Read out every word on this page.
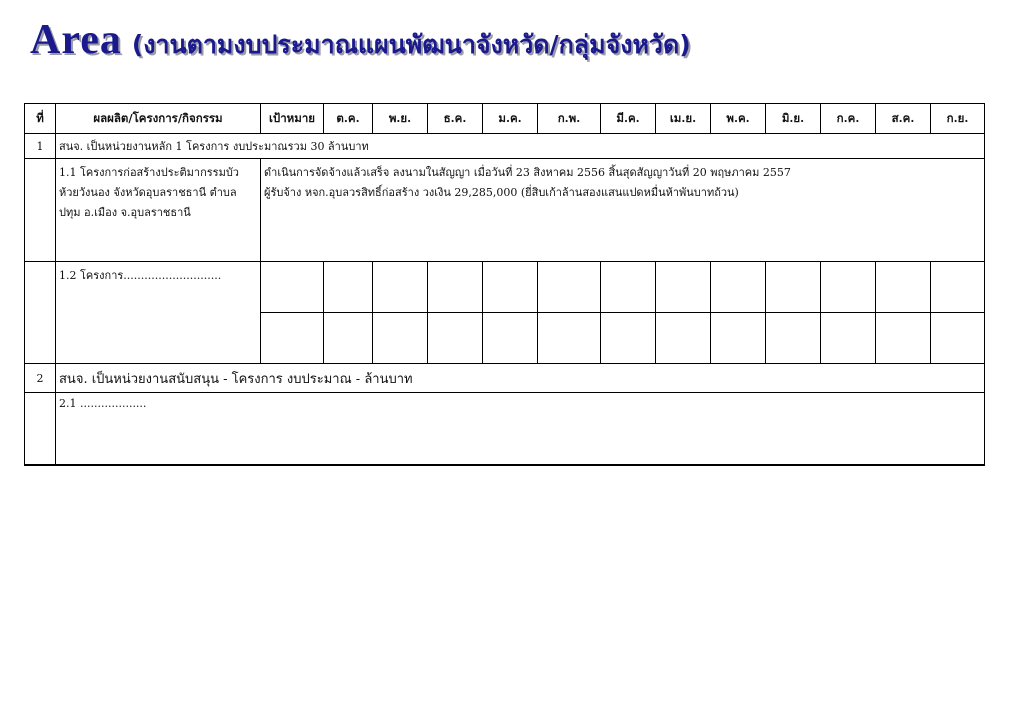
Area (งานตามงบประมาณแผนพัฒนาจังหวัด/กลุ่มจังหวัด)
ที่	ผลผลิต/โครงการ/กิจกรรม	เป้าหมาย	ต.ค.	พ.ย.	ธ.ค.	ม.ค.	ก.พ.	มี.ค.	เม.ย.	พ.ค.	มิ.ย.	ก.ค.	ส.ค.	ก.ย.
1	สนจ. เป็นหน่วยงานหลัก 1 โครงการ งบประมาณรวม 30 ล้านบาท													
	1.1 โครงการก่อสร้างประติมากรรมบัวห้วยวังนอง จังหวัดอุบลราชธานี ตำบลปทุม อ.เมือง จ.อุบลราชธานี	ดำเนินการจัดจ้างแล้วเสร็จ ลงนามในสัญญา เมื่อวันที่ 23 สิงหาคม 2556 สิ้นสุดสัญญาวันที่ 20 พฤษภาคม 2557
ผู้รับจ้าง หจก.อุบลวรสิทธิ์ก่อสร้าง วงเงิน 29,285,000 (ยี่สิบเก้าล้านสองแสนแปดหมื่นห้าพันบาทถ้วน)												

	1.2 โครงการ............................													

2	สนจ. เป็นหน่วยงานสนับสนุน - โครงการ งบประมาณ - ล้านบาท													
	2.1 ...................													
